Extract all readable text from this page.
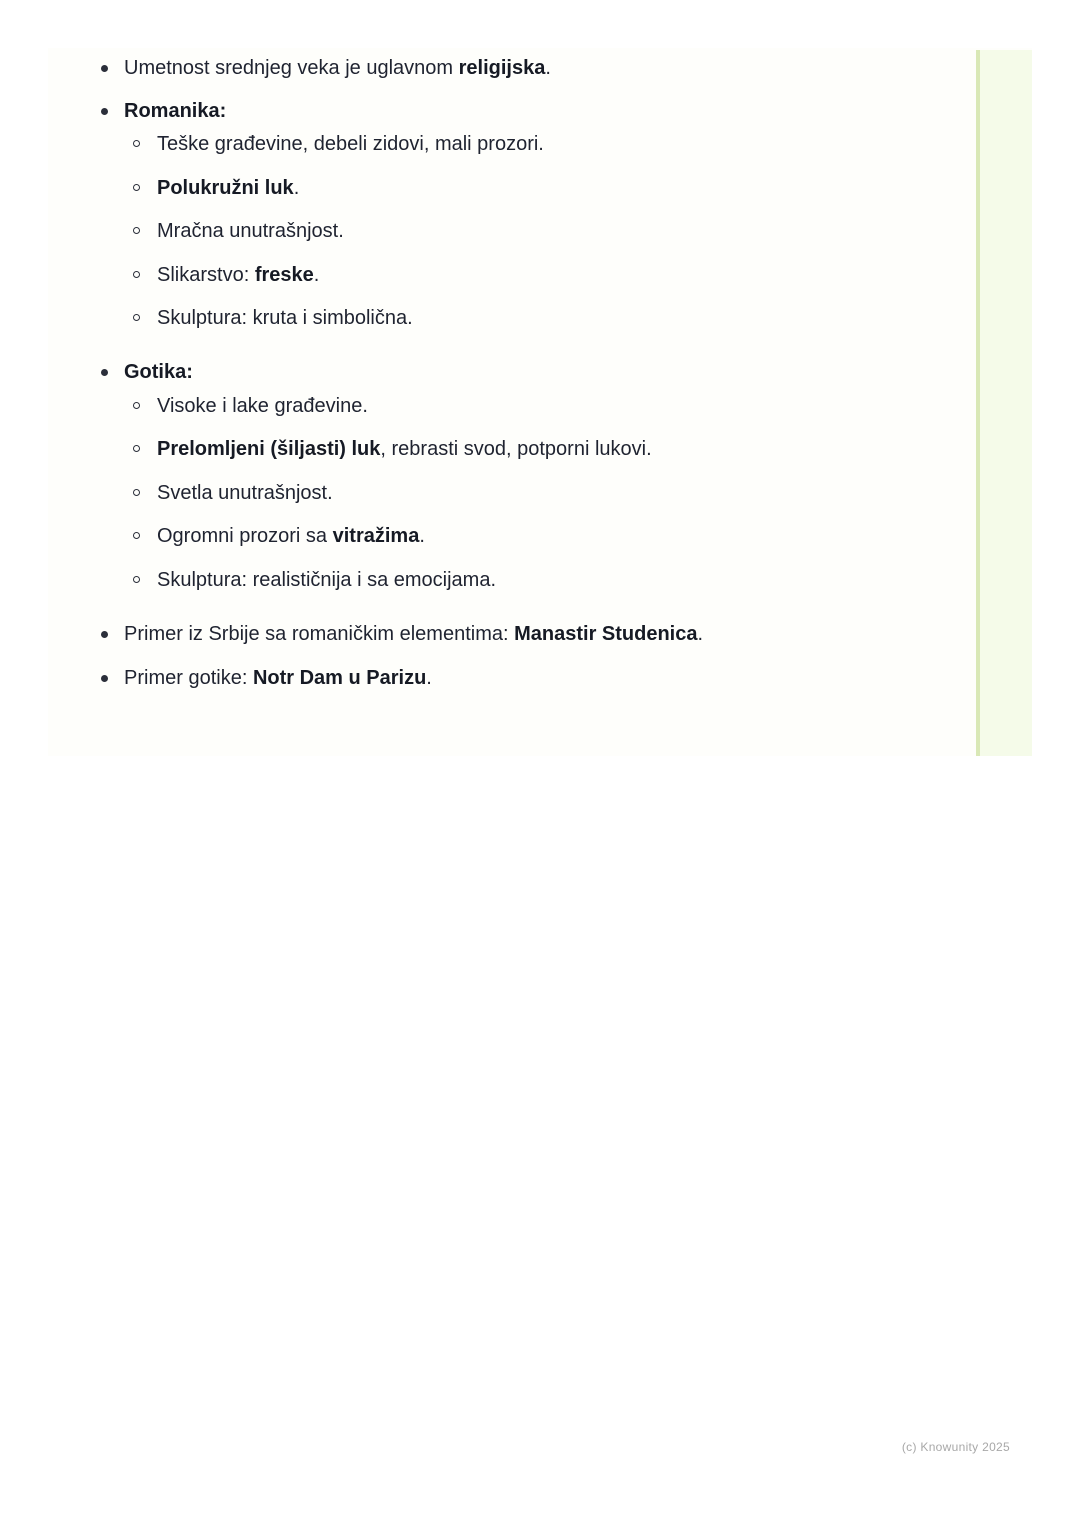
Umetnost srednjeg veka je uglavnom religijska.
Romanika:
Teške građevine, debeli zidovi, mali prozori.
Polukružni luk.
Mračna unutrašnjost.
Slikarstvo: freske.
Skulptura: kruta i simbolična.
Gotika:
Visoke i lake građevine.
Prelomljeni (šiljasti) luk, rebrasti svod, potporni lukovi.
Svetla unutrašnjost.
Ogromni prozori sa vitražima.
Skulptura: realističnija i sa emocijama.
Primer iz Srbije sa romaničkim elementima: Manastir Studenica.
Primer gotike: Notr Dam u Parizu.
(c) Knowunity 2025
